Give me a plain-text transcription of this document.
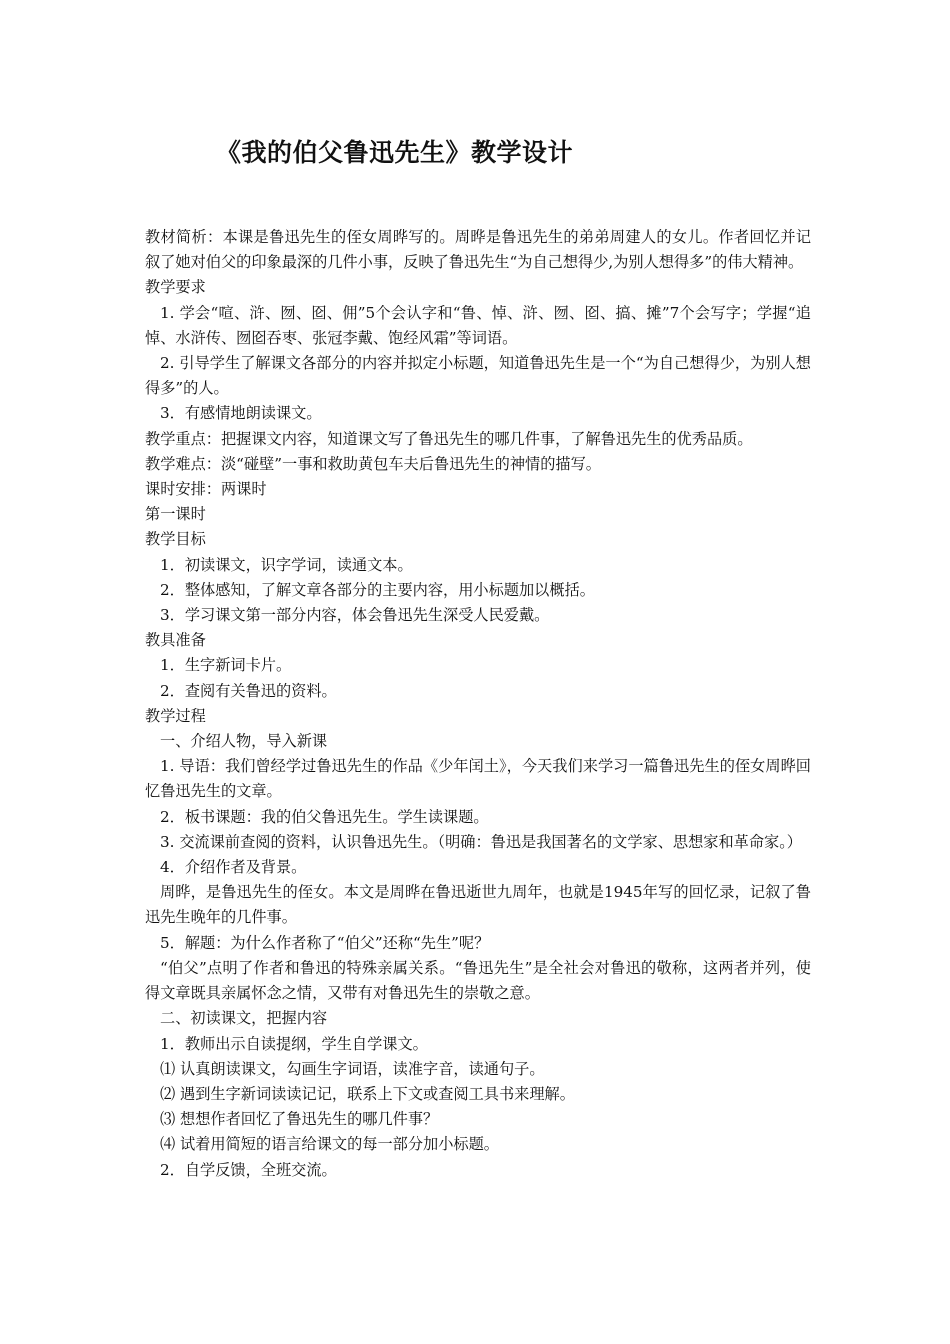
《我的伯父鲁迅先生》教学设计

教材简析：本课是鲁迅先生的侄女周晔写的。周晔是鲁迅先生的弟弟周建人的女儿。作者回忆并记叙了她对伯父的印象最深的几件小事，反映了鲁迅先生“为自己想得少,为别人想得多”的伟大精神。

教学要求

1. 学会“喧、浒、囫、囵、佣”5个会认字和“鲁、悼、浒、囫、囵、搞、摊”7个会写字；学握“追悼、水浒传、囫囵吞枣、张冠李戴、饱经风霜”等词语。

2. 引导学生了解课文各部分的内容并拟定小标题，知道鲁迅先生是一个“为自己想得少，为别人想得多”的人。

3．有感情地朗读课文。

教学重点：把握课文内容，知道课文写了鲁迅先生的哪几件事，了解鲁迅先生的优秀品质。

教学难点：淡“碰壁”一事和救助黄包车夫后鲁迅先生的神情的描写。

课时安排：两课时

第一课时

教学目标

1．初读课文，识字学词，读通文本。

2．整体感知，了解文章各部分的主要内容，用小标题加以概括。

3．学习课文第一部分内容，体会鲁迅先生深受人民爱戴。

教具准备

1．生字新词卡片。

2．查阅有关鲁迅的资料。

教学过程

一、介绍人物，导入新课

1. 导语：我们曾经学过鲁迅先生的作品《少年闰土》，今天我们来学习一篇鲁迅先生的侄女周晔回忆鲁迅先生的文章。

2．板书课题：我的伯父鲁迅先生。学生读课题。

3. 交流课前查阅的资料，认识鲁迅先生。（明确：鲁迅是我国著名的文学家、思想家和革命家。）

4．介绍作者及背景。

周晔，是鲁迅先生的侄女。本文是周晔在鲁迅逝世九周年，也就是1945年写的回忆录，记叙了鲁迅先生晚年的几件事。

5．解题：为什么作者称了“伯父”还称“先生”呢？

“伯父”点明了作者和鲁迅的特殊亲属关系。“鲁迅先生”是全社会对鲁迅的敬称，这两者并列，使得文章既具亲属怀念之情，又带有对鲁迅先生的崇敬之意。

二、初读课文，把握内容

1．教师出示自读提纲，学生自学课文。

⑴ 认真朗读课文，勾画生字词语，读准字音，读通句子。

⑵ 遇到生字新词读读记记，联系上下文或查阅工具书来理解。

⑶ 想想作者回忆了鲁迅先生的哪几件事？

⑷ 试着用简短的语言给课文的每一部分加小标题。

2．自学反馈，全班交流。
